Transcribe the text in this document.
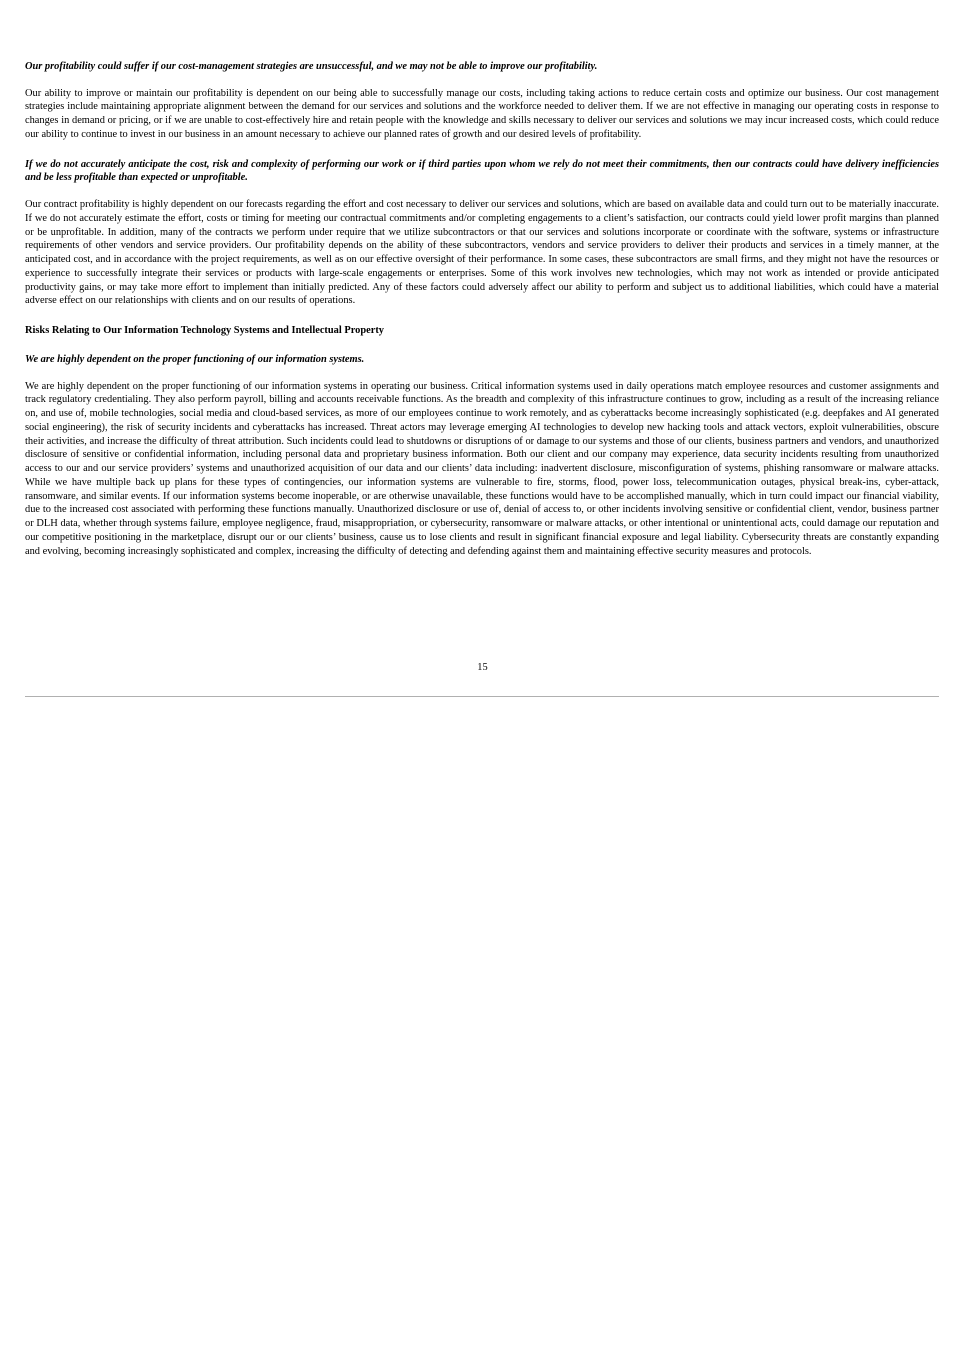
Our profitability could suffer if our cost-management strategies are unsuccessful, and we may not be able to improve our profitability.

Our ability to improve or maintain our profitability is dependent on our being able to successfully manage our costs, including taking actions to reduce certain costs and optimize our business. Our cost management strategies include maintaining appropriate alignment between the demand for our services and solutions and the workforce needed to deliver them. If we are not effective in managing our operating costs in response to changes in demand or pricing, or if we are unable to cost-effectively hire and retain people with the knowledge and skills necessary to deliver our services and solutions we may incur increased costs, which could reduce our ability to continue to invest in our business in an amount necessary to achieve our planned rates of growth and our desired levels of profitability.

If we do not accurately anticipate the cost, risk and complexity of performing our work or if third parties upon whom we rely do not meet their commitments, then our contracts could have delivery inefficiencies and be less profitable than expected or unprofitable.

Our contract profitability is highly dependent on our forecasts regarding the effort and cost necessary to deliver our services and solutions, which are based on available data and could turn out to be materially inaccurate. If we do not accurately estimate the effort, costs or timing for meeting our contractual commitments and/or completing engagements to a client’s satisfaction, our contracts could yield lower profit margins than planned or be unprofitable. In addition, many of the contracts we perform under require that we utilize subcontractors or that our services and solutions incorporate or coordinate with the software, systems or infrastructure requirements of other vendors and service providers. Our profitability depends on the ability of these subcontractors, vendors and service providers to deliver their products and services in a timely manner, at the anticipated cost, and in accordance with the project requirements, as well as on our effective oversight of their performance. In some cases, these subcontractors are small firms, and they might not have the resources or experience to successfully integrate their services or products with large-scale engagements or enterprises. Some of this work involves new technologies, which may not work as intended or provide anticipated productivity gains, or may take more effort to implement than initially predicted. Any of these factors could adversely affect our ability to perform and subject us to additional liabilities, which could have a material adverse effect on our relationships with clients and on our results of operations.

Risks Relating to Our Information Technology Systems and Intellectual Property

We are highly dependent on the proper functioning of our information systems.

We are highly dependent on the proper functioning of our information systems in operating our business. Critical information systems used in daily operations match employee resources and customer assignments and track regulatory credentialing. They also perform payroll, billing and accounts receivable functions. As the breadth and complexity of this infrastructure continues to grow, including as a result of the increasing reliance on, and use of, mobile technologies, social media and cloud-based services, as more of our employees continue to work remotely, and as cyberattacks become increasingly sophisticated (e.g. deepfakes and AI generated social engineering), the risk of security incidents and cyberattacks has increased. Threat actors may leverage emerging AI technologies to develop new hacking tools and attack vectors, exploit vulnerabilities, obscure their activities, and increase the difficulty of threat attribution. Such incidents could lead to shutdowns or disruptions of or damage to our systems and those of our clients, business partners and vendors, and unauthorized disclosure of sensitive or confidential information, including personal data and proprietary business information. Both our client and our company may experience, data security incidents resulting from unauthorized access to our and our service providers’ systems and unauthorized acquisition of our data and our clients’ data including: inadvertent disclosure, misconfiguration of systems, phishing ransomware or malware attacks. While we have multiple back up plans for these types of contingencies, our information systems are vulnerable to fire, storms, flood, power loss, telecommunication outages, physical break-ins, cyber-attack, ransomware, and similar events. If our information systems become inoperable, or are otherwise unavailable, these functions would have to be accomplished manually, which in turn could impact our financial viability, due to the increased cost associated with performing these functions manually. Unauthorized disclosure or use of, denial of access to, or other incidents involving sensitive or confidential client, vendor, business partner or DLH data, whether through systems failure, employee negligence, fraud, misappropriation, or cybersecurity, ransomware or malware attacks, or other intentional or unintentional acts, could damage our reputation and our competitive positioning in the marketplace, disrupt our or our clients’ business, cause us to lose clients and result in significant financial exposure and legal liability. Cybersecurity threats are constantly expanding and evolving, becoming increasingly sophisticated and complex, increasing the difficulty of detecting and defending against them and maintaining effective security measures and protocols.

15
